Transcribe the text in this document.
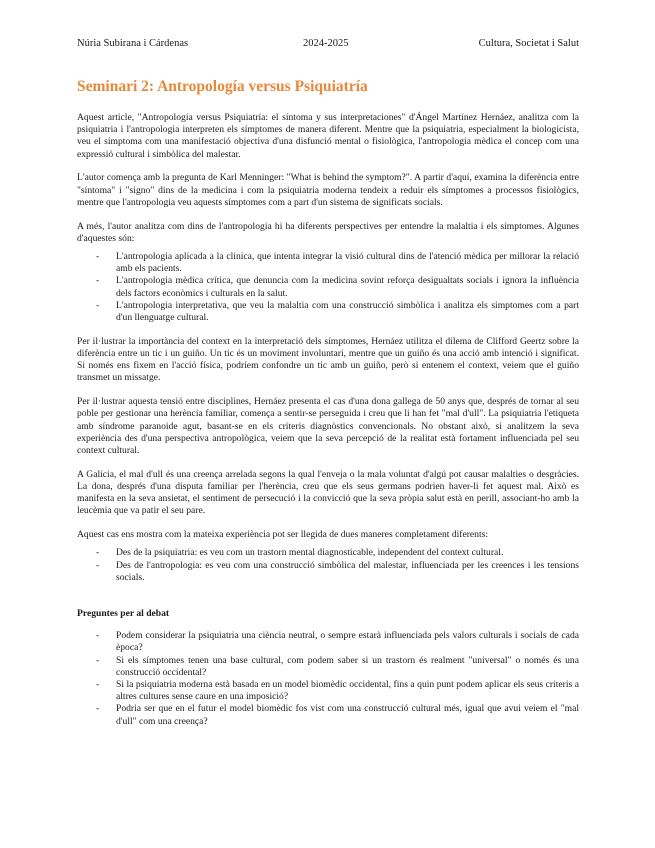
Núria Subirana i Cárdenas	2024-2025	Cultura, Societat i Salut
Seminari 2: Antropología versus Psiquiatría

Aquest article, "Antropología versus Psiquiatría: el síntoma y sus interpretaciones" d'Ángel Martínez Hernáez, analitza com la psiquiatria i l'antropologia interpreten els símptomes de manera diferent. Mentre que la psiquiatria, especialment la biologicista, veu el símptoma com una manifestació objectiva d'una disfunció mental o fisiològica, l'antropologia mèdica el concep com una expressió cultural i simbòlica del malestar.

L'autor comença amb la pregunta de Karl Menninger: "What is behind the symptom?". A partir d'aquí, examina la diferència entre "síntoma" i "signo" dins de la medicina i com la psiquiatria moderna tendeix a reduir els símptomes a processos fisiològics, mentre que l'antropologia veu aquests símptomes com a part d'un sistema de significats socials.

A més, l'autor analitza com dins de l'antropologia hi ha diferents perspectives per entendre la malaltia i els símptomes. Algunes d'aquestes són:

- L'antropologia aplicada a la clínica, que intenta integrar la visió cultural dins de l'atenció mèdica per millorar la relació amb els pacients.
- L'antropologia mèdica crítica, que denuncia com la medicina sovint reforça desigualtats socials i ignora la influència dels factors econòmics i culturals en la salut.
- L'antropologia interpretativa, que veu la malaltia com una construcció simbòlica i analitza els símptomes com a part d'un llenguatge cultural.

Per il·lustrar la importància del context en la interpretació dels símptomes, Hernáez utilitza el dilema de Clifford Geertz sobre la diferència entre un tic i un guiño. Un tic és un moviment involuntari, mentre que un guiño és una acció amb intenció i significat. Si només ens fixem en l'acció física, podríem confondre un tic amb un guiño, però si entenem el context, veiem que el guiño transmet un missatge.

Per il·lustrar aquesta tensió entre disciplines, Hernáez presenta el cas d'una dona gallega de 50 anys que, després de tornar al seu poble per gestionar una herència familiar, comença a sentir-se perseguida i creu que li han fet "mal d'ull". La psiquiatria l'etiqueta amb síndrome paranoide agut, basant-se en els criteris diagnòstics convencionals. No obstant això, si analitzem la seva experiència des d'una perspectiva antropològica, veiem que la seva percepció de la realitat està fortament influenciada pel seu context cultural.

A Galícia, el mal d'ull és una creença arrelada segons la qual l'enveja o la mala voluntat d'algú pot causar malalties o desgràcies. La dona, després d'una disputa familiar per l'herència, creu que els seus germans podrien haver-li fet aquest mal. Això es manifesta en la seva ansietat, el sentiment de persecució i la convicció que la seva pròpia salut està en perill, associant-ho amb la leucèmia que va patir el seu pare.

Aquest cas ens mostra com la mateixa experiència pot ser llegida de dues maneres completament diferents:

- Des de la psiquiatria: es veu com un trastorn mental diagnosticable, independent del context cultural.
- Des de l'antropologia: es veu com una construcció simbòlica del malestar, influenciada per les creences i les tensions socials.

Preguntes per al debat

- Podem considerar la psiquiatria una ciència neutral, o sempre estarà influenciada pels valors culturals i socials de cada època?
- Si els símptomes tenen una base cultural, com podem saber si un trastorn és realment "universal" o només és una construcció occidental?
- Si la psiquiatria moderna està basada en un model biomèdic occidental, fins a quin punt podem aplicar els seus criteris a altres cultures sense caure en una imposició?
- Podria ser que en el futur el model biomèdic fos vist com una construcció cultural més, igual que avui veiem el "mal d'ull" com una creença?
